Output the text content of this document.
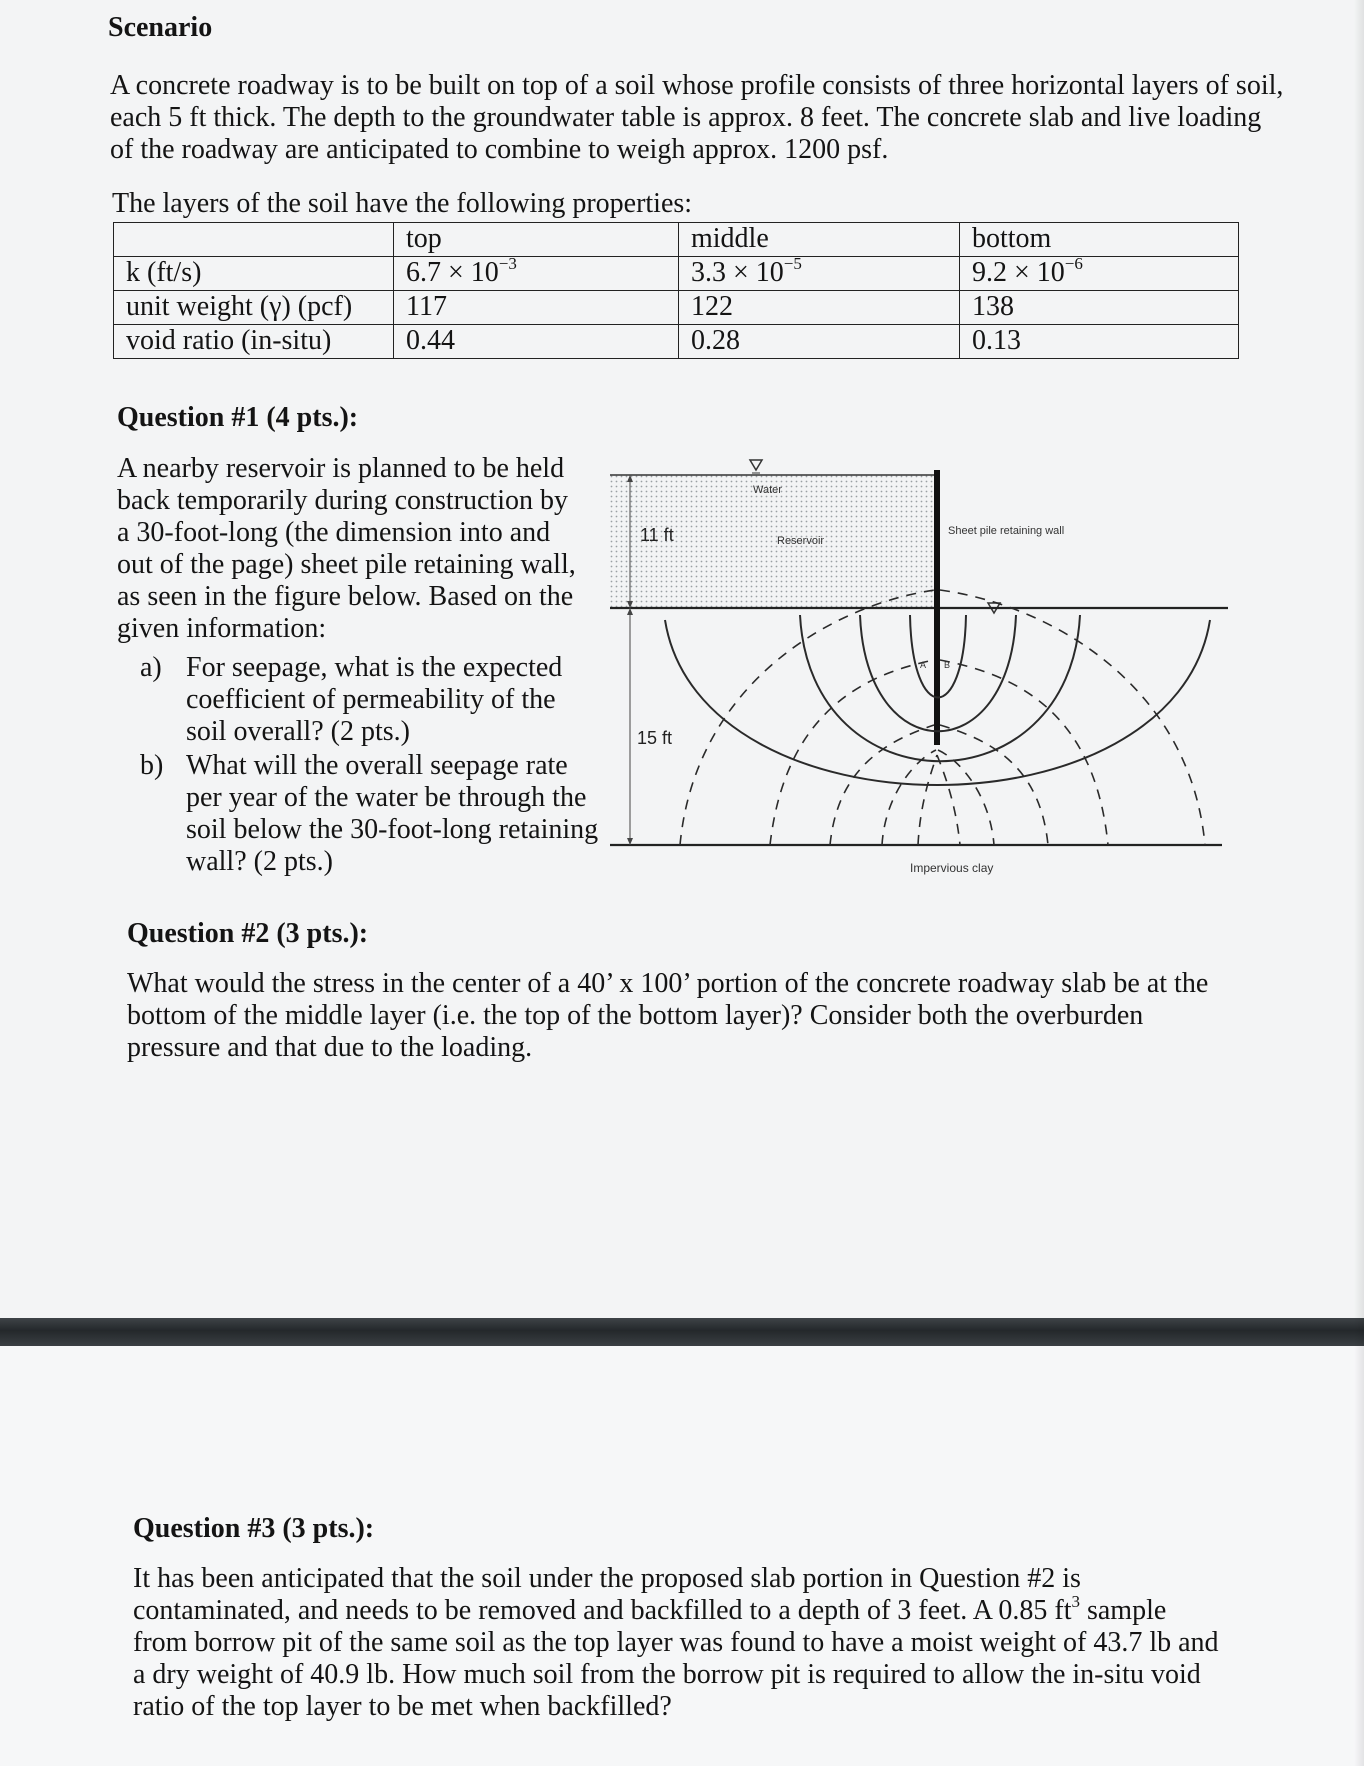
Scenario

A concrete roadway is to be built on top of a soil whose profile consists of three horizontal layers of soil, each 5 ft thick. The depth to the groundwater table is approx. 8 feet. The concrete slab and live loading of the roadway are anticipated to combine to weigh approx. 1200 psf.

The layers of the soil have the following properties:

	top	middle	bottom
k (ft/s)	$6.7 \times 10^{-3}$	$3.3 \times 10^{-5}$	$9.2 \times 10^{-6}$
unit weight (γ) (pcf)	117	122	138
void ratio (in-situ)	0.44	0.28	0.13

Question #1 (4 pts.):

A nearby reservoir is planned to be held back temporarily during construction by a 30-foot-long (the dimension into and out of the page) sheet pile retaining wall, as seen in the figure below. Based on the given information:

a) For seepage, what is the expected coefficient of permeability of the soil overall? (2 pts.)
b) What will the overall seepage rate per year of the water be through the soil below the 30-foot-long retaining wall? (2 pts.)
Water
Reservoir
Sheet pile retaining wall
11 ft
15 ft
Impervious clay
A B

Question #2 (3 pts.):

What would the stress in the center of a 40’ x 100’ portion of the concrete roadway slab be at the bottom of the middle layer (i.e. the top of the bottom layer)? Consider both the overburden pressure and that due to the loading.

Question #3 (3 pts.):

It has been anticipated that the soil under the proposed slab portion in Question #2 is contaminated, and needs to be removed and backfilled to a depth of 3 feet. A 0.85 $ft^3$ sample from borrow pit of the same soil as the top layer was found to have a moist weight of 43.7 lb and a dry weight of 40.9 lb. How much soil from the borrow pit is required to allow the in-situ void ratio of the top layer to be met when backfilled?
